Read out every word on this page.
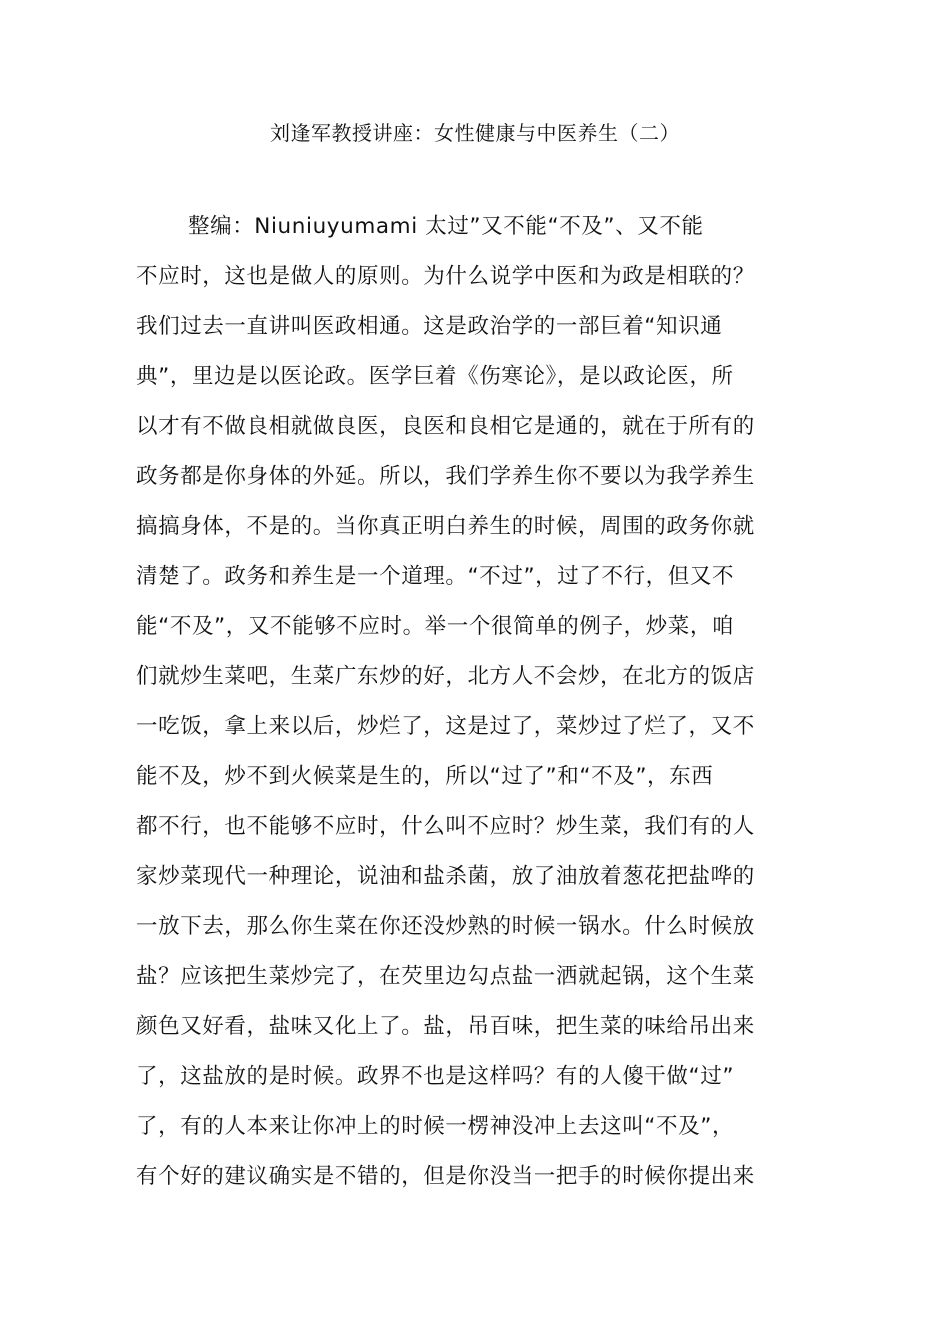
刘逢军教授讲座：女性健康与中医养生（二）
整编：Niuniuyumami 太过”又不能“不及”、又不能
不应时，这也是做人的原则。为什么说学中医和为政是相联的？
我们过去一直讲叫医政相通。这是政治学的一部巨着“知识通
典”，里边是以医论政。医学巨着《伤寒论》，是以政论医，所
以才有不做良相就做良医，良医和良相它是通的，就在于所有的
政务都是你身体的外延。所以，我们学养生你不要以为我学养生
搞搞身体，不是的。当你真正明白养生的时候，周围的政务你就
清楚了。政务和养生是一个道理。“不过”，过了不行，但又不
能“不及”，又不能够不应时。举一个很简单的例子，炒菜，咱
们就炒生菜吧，生菜广东炒的好，北方人不会炒，在北方的饭店
一吃饭，拿上来以后，炒烂了，这是过了，菜炒过了烂了，又不
能不及，炒不到火候菜是生的，所以“过了”和“不及”，东西
都不行，也不能够不应时，什么叫不应时？炒生菜，我们有的人
家炒菜现代一种理论，说油和盐杀菌，放了油放着葱花把盐哗的
一放下去，那么你生菜在你还没炒熟的时候一锅水。什么时候放
盐？应该把生菜炒完了，在芡里边勾点盐一洒就起锅，这个生菜
颜色又好看，盐味又化上了。盐，吊百味，把生菜的味给吊出来
了，这盐放的是时候。政界不也是这样吗？有的人傻干做“过”
了，有的人本来让你冲上的时候一楞神没冲上去这叫“不及”，
有个好的建议确实是不错的，但是你没当一把手的时候你提出来
